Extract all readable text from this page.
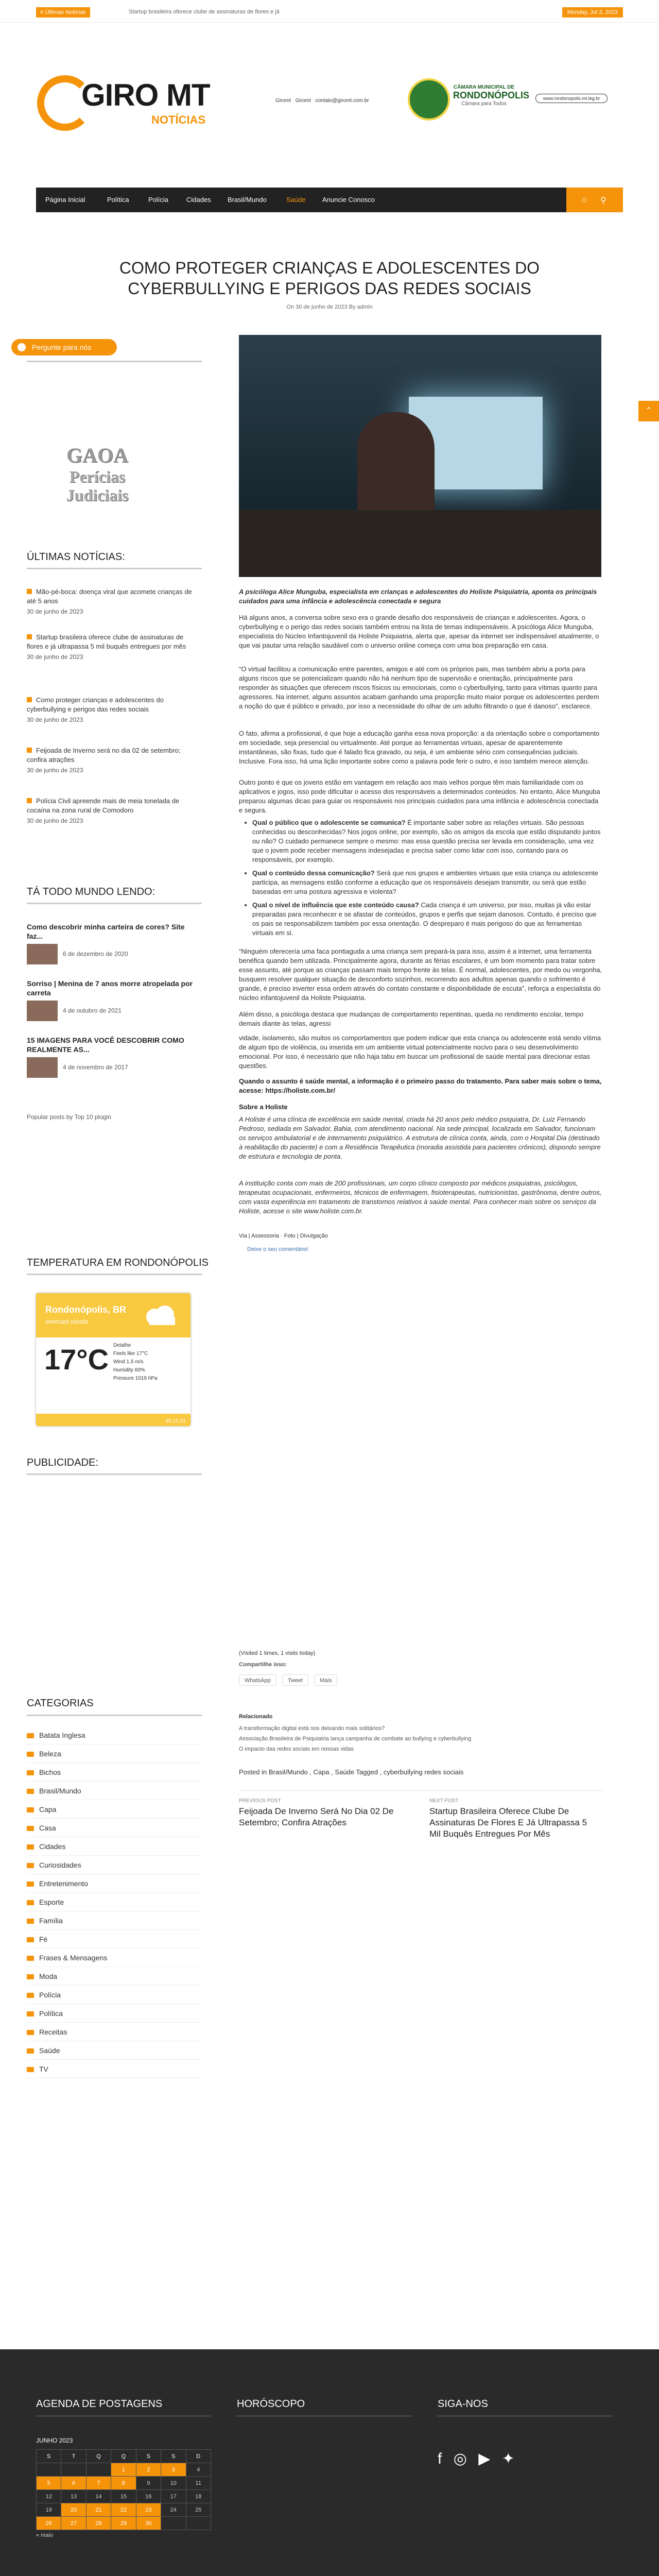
≡ Últimas Notícias	Startup brasileira oferece clube de assinaturas de flores e já	Monday, Jul 3, 2023
GIRO MT
NOTÍCIAS
Giromt Giromt contato@giromt.com.br
CÂMARA MUNICIPAL DE
RONDONÓPOLIS
Câmara para Todos
www.rondonopolis.mt.leg.br
Página Inicial	Política	Polícia	Cidades Brasil/Mundo	Saúde Anuncie Conosco	⌂ ⚲
COMO PROTEGER CRIANÇAS E ADOLESCENTES DO CYBERBULLYING E PERIGOS DAS REDES SOCIAIS
On 30 de junho de 2023 By admin
Pergunte para nós
GAOA
Perícias Judiciais
ÚLTIMAS NOTÍCIAS:
Mão-pé-boca: doença viral que acomete crianças de até 5 anos
30 de junho de 2023
Startup brasileira oferece clube de assinaturas de flores e já ultrapassa 5 mil buquês entregues por mês
30 de junho de 2023
Como proteger crianças e adolescentes do cyberbullying e perigos das redes sociais
30 de junho de 2023
Feijoada de Inverno será no dia 02 de setembro; confira atrações
30 de junho de 2023
Polícia Civil apreende mais de meia tonelada de cocaína na zona rural de Comodoro
30 de junho de 2023
TÁ TODO MUNDO LENDO:
Como descobrir minha carteira de cores? Site faz...
6 de dezembro de 2020
Sorriso | Menina de 7 anos morre atropelada por carreta
4 de outubro de 2021
15 IMAGENS PARA VOCÊ DESCOBRIR COMO REALMENTE AS...
4 de novembro de 2017
Popular posts by Top 10 plugin
TEMPERATURA EM RONDONÓPOLIS
Rondonópolis, BR
overcast clouds
17°C Detalhe
Feels like 17°C
Wind 1.5 m/s
Humidity 60%
Pressure 1019 hPa
30.12.23
PUBLICIDADE:
CATEGORIAS
Batata Inglesa
Beleza
Bichos
Brasil/Mundo
Capa
Casa
Cidades
Curiosidades
Entretenimento
Esporte
Família
Fé
Frases & Mensagens
Moda
Polícia
Política
Receitas
Saúde
TV
A psicóloga Alice Munguba, especialista em crianças e adolescentes do Holiste Psiquiatria, aponta os principais cuidados para uma infância e adolescência conectada e segura
Há alguns anos, a conversa sobre sexo era o grande desafio dos responsáveis de crianças e adolescentes. Agora, o cyberbullying e o perigo das redes sociais também entrou na lista de temas indispensáveis. A psicóloga Alice Munguba, especialista do Núcleo Infantojuvenil da Holiste Psiquiatria, alerta que, apesar da internet ser indispensável atualmente, o que vai pautar uma relação saudável com o universo online começa com uma boa preparação em casa.
“O virtual facilitou a comunicação entre parentes, amigos e até com os próprios pais, mas também abriu a porta para alguns riscos que se potencializam quando não há nenhum tipo de supervisão e orientação, principalmente para responder às situações que oferecem riscos físicos ou emocionais, como o cyberbullying, tanto para vítimas quanto para agressores. Na internet, alguns assuntos acabam ganhando uma proporção muito maior porque os adolescentes perdem a noção do que é público e privado, por isso a necessidade do olhar de um adulto filtrando o que é danoso”, esclarece.
O fato, afirma a profissional, é que hoje a educação ganha essa nova proporção: a da orientação sobre o comportamento em sociedade, seja presencial ou virtualmente. Até porque as ferramentas virtuais, apesar de aparentemente instantâneas, são fixas, tudo que é falado fica gravado, ou seja, é um ambiente sério com consequências judiciais. Inclusive. Fora isso, há uma lição importante sobre como a palavra pode ferir o outro, e isso também merece atenção.
Outro ponto é que os jovens estão em vantagem em relação aos mais velhos porque têm mais familiaridade com os aplicativos e jogos, isso pode dificultar o acesso dos responsáveis a determinados conteúdos. No entanto, Alice Munguba preparou algumas dicas para guiar os responsáveis nos principais cuidados para uma infância e adolescência conectada e segura.
• Qual o público que o adolescente se comunica? É importante saber sobre as relações virtuais. São pessoas conhecidas ou desconhecidas? Nos jogos online, por exemplo, são os amigos da escola que estão disputando juntos ou não? O cuidado permanece sempre o mesmo: mas essa questão precisa ser levada em consideração, uma vez que o jovem pode receber mensagens indesejadas e precisa saber como lidar com isso, contando para os responsáveis, por exemplo.
• Qual o conteúdo dessa comunicação? Será que nos grupos e ambientes virtuais que esta criança ou adolescente participa, as mensagens estão conforme a educação que os responsáveis desejam transmitir, ou será que estão baseadas em uma postura agressiva e violenta?
• Qual o nível de influência que este conteúdo causa? Cada criança é um universo, por isso, muitas já vão estar preparadas para reconhecer e se afastar de conteúdos, grupos e perfis que sejam danosos. Contudo, é preciso que os pais se responsabilizem também por essa orientação. O despreparo é mais perigoso do que as ferramentas virtuais em si.
“Ninguém oferecería uma faca pontiaguda a uma criança sem prepará-la para isso, assim é a internet, uma ferramenta benéfica quando bem utilizada. Principalmente agora, durante as férias escolares, é um bom momento para tratar sobre esse assunto, até porque as crianças passam mais tempo frente às telas. É normal, adolescentes, por medo ou vergonha, busquem resolver qualquer situação de desconforto sozinhos, recorrendo aos adultos apenas quando o sofrimento é grande, é preciso inverter essa ordem através do contato constante e disponibilidade de escuta”, reforça a especialista do núcleo infantojuvenil da Holiste Psiquiatria.
Além disso, a psicóloga destaca que mudanças de comportamento repentinas, queda no rendimento escolar, tempo demais diante às telas, agressi
vidade, isolamento, são muitos os comportamentos que podem indicar que esta criança ou adolescente está sendo vítima de algum tipo de violência, ou inserida em um ambiente virtual potencialmente nocivo para o seu desenvolvimento emocional. Por isso, é necessário que não haja tabu em buscar um profissional de saúde mental para direcionar estas questões.
Quando o assunto é saúde mental, a informação é o primeiro passo do tratamento. Para saber mais sobre o tema, acesse: https://holiste.com.br/
Sobre a Holiste
A Holiste é uma clínica de excelência em saúde mental, criada há 20 anos pelo médico psiquiatra, Dr. Luiz Fernando Pedroso, sediada em Salvador, Bahia, com atendimento nacional. Na sede principal, localizada em Salvador, funcionam os serviços ambulatorial e de internamento psiquiátrico. A estrutura de clínica conta, ainda, com o Hospital Dia (destinado à reabilitação do paciente) e com a Residência Terapêutica (moradia assistida para pacientes crônicos), dispondo sempre de estrutura e tecnologia de ponta.
A instituição conta com mais de 200 profissionais, um corpo clínico composto por médicos psiquiatras, psicólogos, terapeutas ocupacionais, enfermeiros, técnicos de enfermagem, fisioterapeutas, nutricionistas, gastrônoma, dentre outros, com vasta experiência em tratamento de transtornos relativos à saúde mental. Para conhecer mais sobre os serviços da Holiste, acesse o site www.holiste.com.br.
Via | Assessoria · Foto | Divulgação
Deixe o seu comentário!
(Visited 1 times, 1 visits today)
Compartilhe isso:
WhatsApp	Tweet	Mais
Relacionado
A transformação digital está nos deixando mais solitários?
Associação Brasileira de Psiquiatria lança campanha de combate ao bullying e cyberbullying
O impacto das redes sociais em nossas vidas
Posted in Brasil/Mundo , Capa , Saúde Tagged , cyberbullying redes sociais
PREVIOUS POST
Feijoada De Inverno Será No Dia 02 De Setembro; Confira Atrações
NEXT POST
Startup Brasileira Oferece Clube De Assinaturas De Flores E Já Ultrapassa 5 Mil Buquês Entregues Por Mês
⌃
AGENDA DE POSTAGENS	HORÓSCOPO	SIGA-NOS
JUNHO 2023
S	T	Q	Q	S	S	D
			1	2	3	4
5	6	7	8	9	10	11
12	13	14	15	16	17	18
19	20	21	22	23	24	25
26	27	28	29	30		
« maio
f ◎ ▶ ✦
